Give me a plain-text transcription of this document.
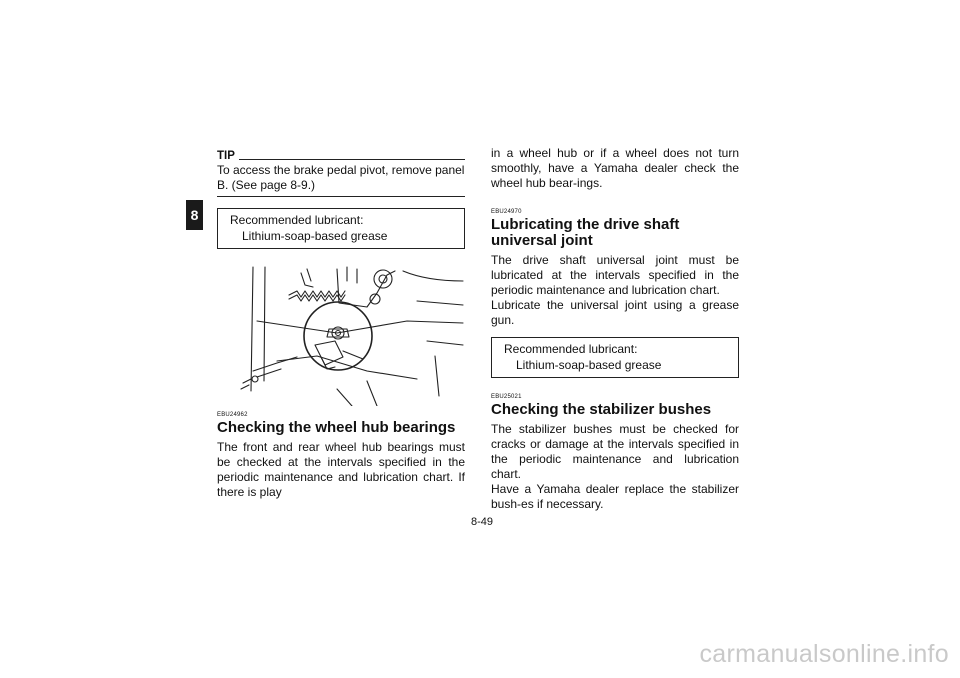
8
TIP

To access the brake pedal pivot, remove panel B. (See page 8-9.)

Recommended lubricant:
Lithium-soap-based grease

EBU24962

Checking the wheel hub bearings

The front and rear wheel hub bearings must be checked at the intervals specified in the periodic maintenance and lubrication chart. If there is play

in a wheel hub or if a wheel does not turn smoothly, have a Yamaha dealer check the wheel hub bear-ings.

EBU24970

Lubricating the drive shaft universal joint

The drive shaft universal joint must be lubricated at the intervals specified in the periodic maintenance and lubrication chart.

Lubricate the universal joint using a grease gun.

Recommended lubricant:
Lithium-soap-based grease

EBU25021

Checking the stabilizer bushes

The stabilizer bushes must be checked for cracks or damage at the intervals specified in the periodic maintenance and lubrication chart.

Have a Yamaha dealer replace the stabilizer bush-es if necessary.

8-49
carmanualsonline.info
